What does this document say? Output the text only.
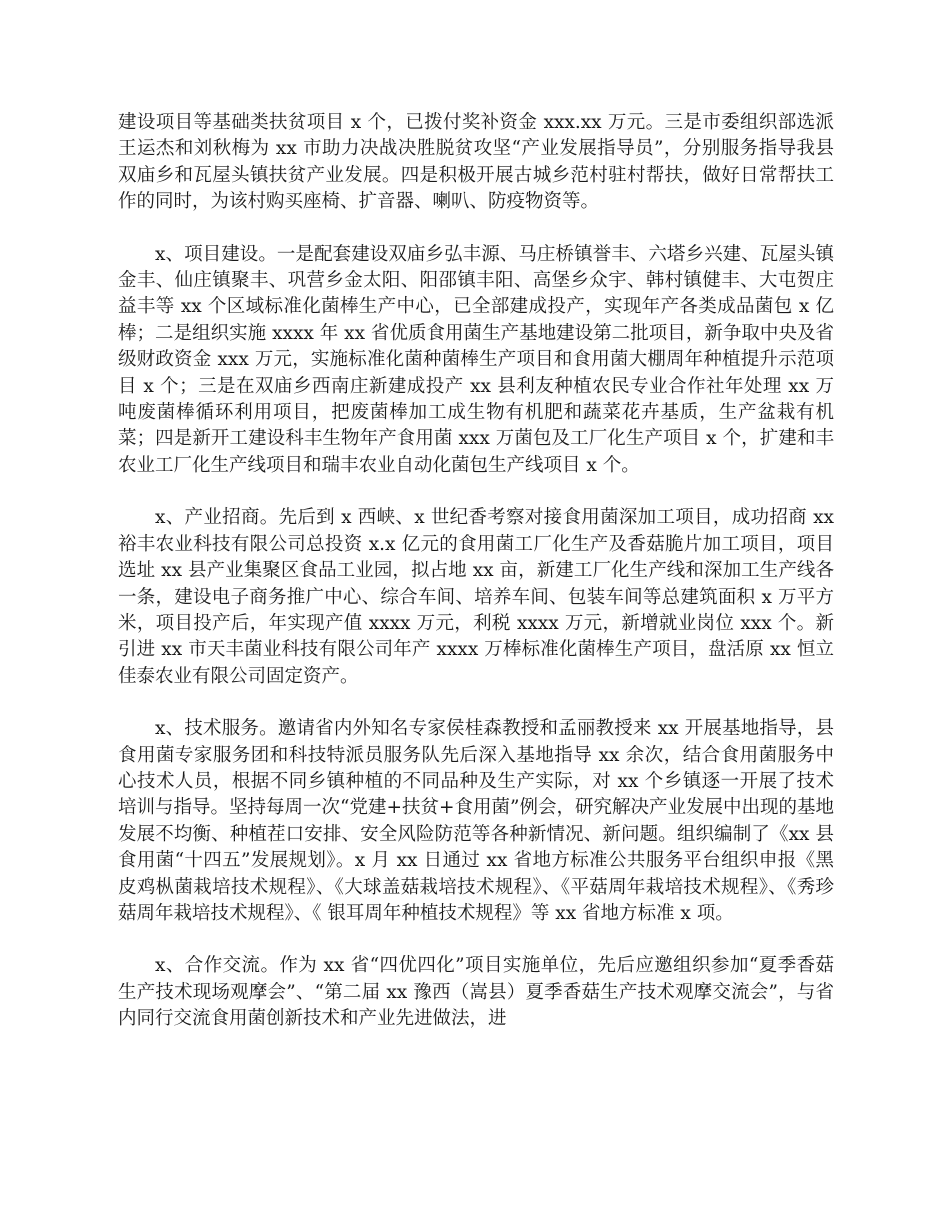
建设项目等基础类扶贫项目 x 个，已拨付奖补资金 xxx.xx 万元。三是市委组织部选派王运杰和刘秋梅为 xx 市助力决战决胜脱贫攻坚“产业发展指导员”，分别服务指导我县双庙乡和瓦屋头镇扶贫产业发展。四是积极开展古城乡范村驻村帮扶，做好日常帮扶工作的同时，为该村购买座椅、扩音器、喇叭、防疫物资等。

x、项目建设。一是配套建设双庙乡弘丰源、马庄桥镇誉丰、六塔乡兴建、瓦屋头镇金丰、仙庄镇聚丰、巩营乡金太阳、阳邵镇丰阳、高堡乡众宇、韩村镇健丰、大屯贺庄益丰等 xx 个区域标准化菌棒生产中心，已全部建成投产，实现年产各类成品菌包 x 亿棒；二是组织实施 xxxx 年 xx 省优质食用菌生产基地建设第二批项目，新争取中央及省级财政资金 xxx 万元，实施标准化菌种菌棒生产项目和食用菌大棚周年种植提升示范项目 x 个；三是在双庙乡西南庄新建成投产 xx 县利友种植农民专业合作社年处理 xx 万吨废菌棒循环利用项目，把废菌棒加工成生物有机肥和蔬菜花卉基质，生产盆栽有机菜；四是新开工建设科丰生物年产食用菌 xxx 万菌包及工厂化生产项目 x 个，扩建和丰农业工厂化生产线项目和瑞丰农业自动化菌包生产线项目 x 个。

x、产业招商。先后到 x 西峡、x 世纪香考察对接食用菌深加工项目，成功招商 xx 裕丰农业科技有限公司总投资 x.x 亿元的食用菌工厂化生产及香菇脆片加工项目，项目选址 xx 县产业集聚区食品工业园，拟占地 xx 亩，新建工厂化生产线和深加工生产线各一条，建设电子商务推广中心、综合车间、培养车间、包装车间等总建筑面积 x 万平方米，项目投产后，年实现产值 xxxx 万元，利税 xxxx 万元，新增就业岗位 xxx 个。新引进 xx 市天丰菌业科技有限公司年产 xxxx 万棒标准化菌棒生产项目，盘活原 xx 恒立佳泰农业有限公司固定资产。

x、技术服务。邀请省内外知名专家侯桂森教授和孟丽教授来 xx 开展基地指导，县食用菌专家服务团和科技特派员服务队先后深入基地指导 xx 余次，结合食用菌服务中心技术人员，根据不同乡镇种植的不同品种及生产实际，对 xx 个乡镇逐一开展了技术培训与指导。坚持每周一次“党建+扶贫+食用菌”例会，研究解决产业发展中出现的基地发展不均衡、种植茬口安排、安全风险防范等各种新情况、新问题。组织编制了《xx 县食用菌“十四五”发展规划》。x 月 xx 日通过 xx 省地方标准公共服务平台组织申报《黑皮鸡枞菌栽培技术规程》、《大球盖菇栽培技术规程》、《平菇周年栽培技术规程》、《秀珍菇周年栽培技术规程》、《 银耳周年种植技术规程》等 xx 省地方标准 x 项。

x、合作交流。作为 xx 省“四优四化”项目实施单位，先后应邀组织参加“夏季香菇生产技术现场观摩会”、“第二届 xx 豫西（嵩县）夏季香菇生产技术观摩交流会”，与省内同行交流食用菌创新技术和产业先进做法，进
